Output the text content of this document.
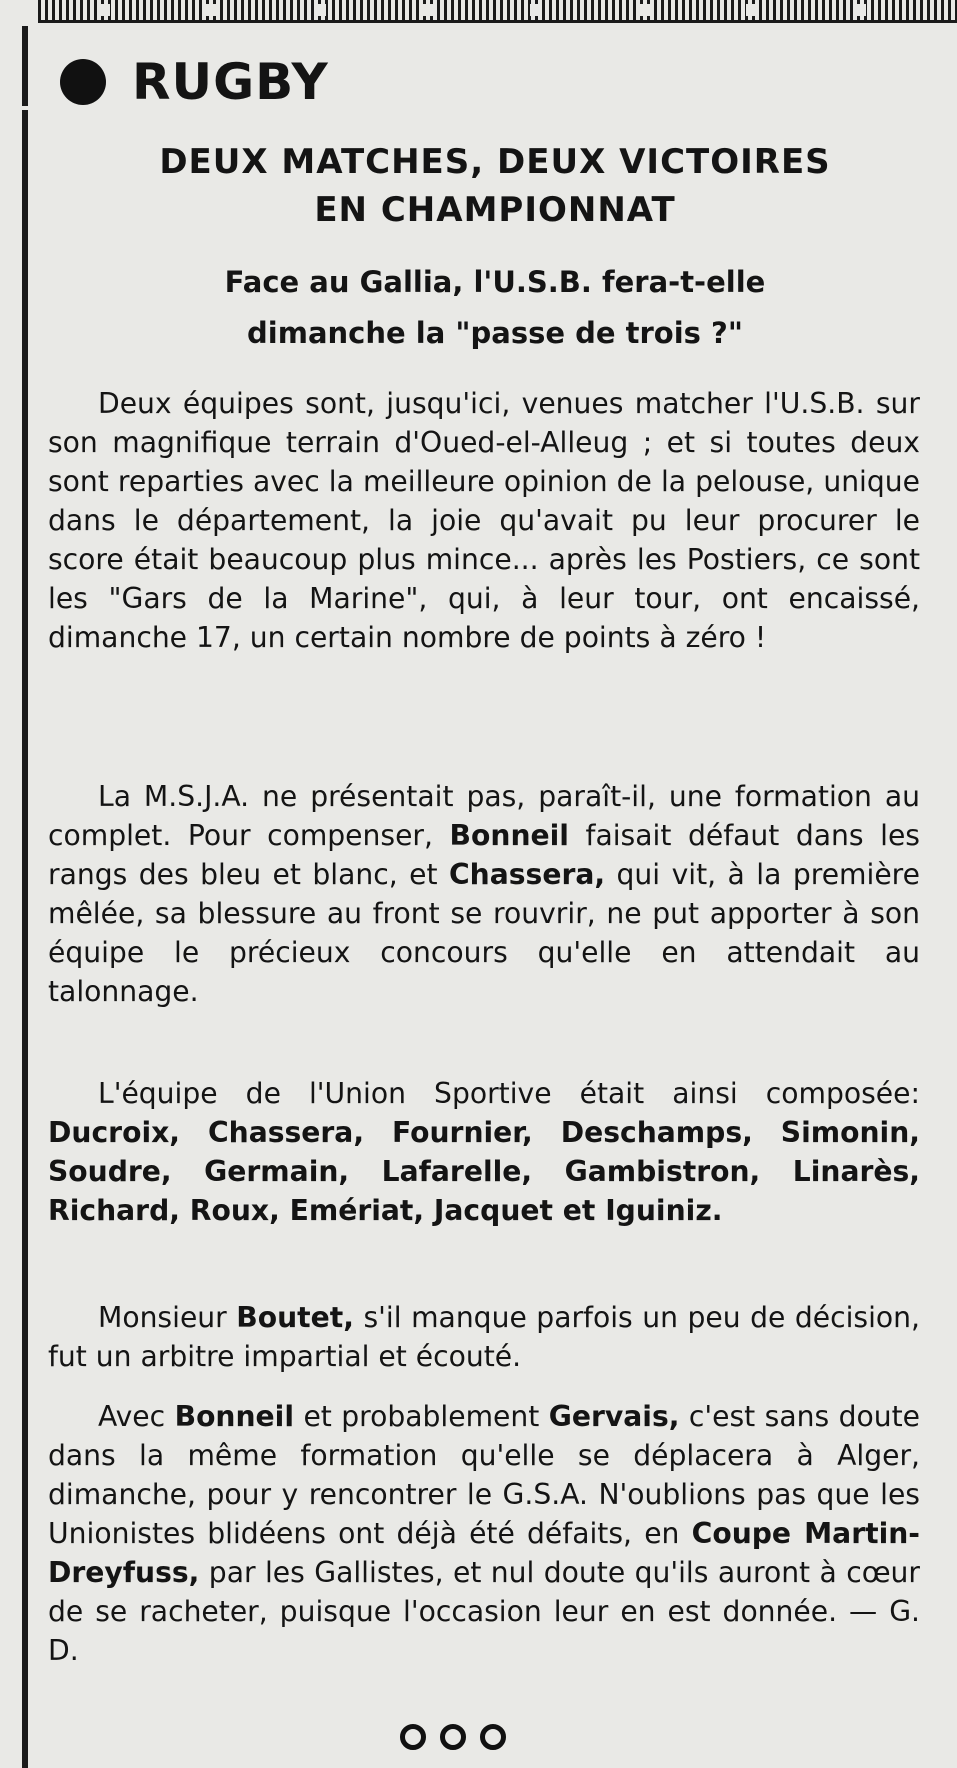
RUGBY
DEUX MATCHES, DEUX VICTOIRES
EN CHAMPIONNAT
Face au Gallia, l'U.S.B. fera-t-elle
dimanche la "passe de trois ?"

Deux équipes sont, jusqu'ici, venues matcher l'U.S.B. sur son magnifique terrain d'Oued-el-Alleug ; et si toutes deux sont reparties avec la meilleure opinion de la pelouse, unique dans le département, la joie qu'avait pu leur procurer le score était beaucoup plus mince... après les Postiers, ce sont les "Gars de la Marine", qui, à leur tour, ont encaissé, dimanche 17, un certain nombre de points à zéro !

La M.S.J.A. ne présentait pas, paraît-il, une formation au complet. Pour compenser, Bonneil faisait défaut dans les rangs des bleu et blanc, et Chassera, qui vit, à la première mêlée, sa blessure au front se rouvrir, ne put apporter à son équipe le précieux concours qu'elle en attendait au talonnage.

L'équipe de l'Union Sportive était ainsi composée: Ducroix, Chassera, Fournier, Deschamps, Simonin, Soudre, Germain, Lafarelle, Gambistron, Linarès, Richard, Roux, Emériat, Jacquet et Iguiniz.

Monsieur Boutet, s'il manque parfois un peu de décision, fut un arbitre impartial et écouté.

Avec Bonneil et probablement Gervais, c'est sans doute dans la même formation qu'elle se déplacera à Alger, dimanche, pour y rencontrer le G.S.A. N'oublions pas que les Unionistes blidéens ont déjà été défaits, en Coupe Martin-Dreyfuss, par les Gallistes, et nul doute qu'ils auront à cœur de se racheter, puisque l'occasion leur en est donnée. — G. D.
